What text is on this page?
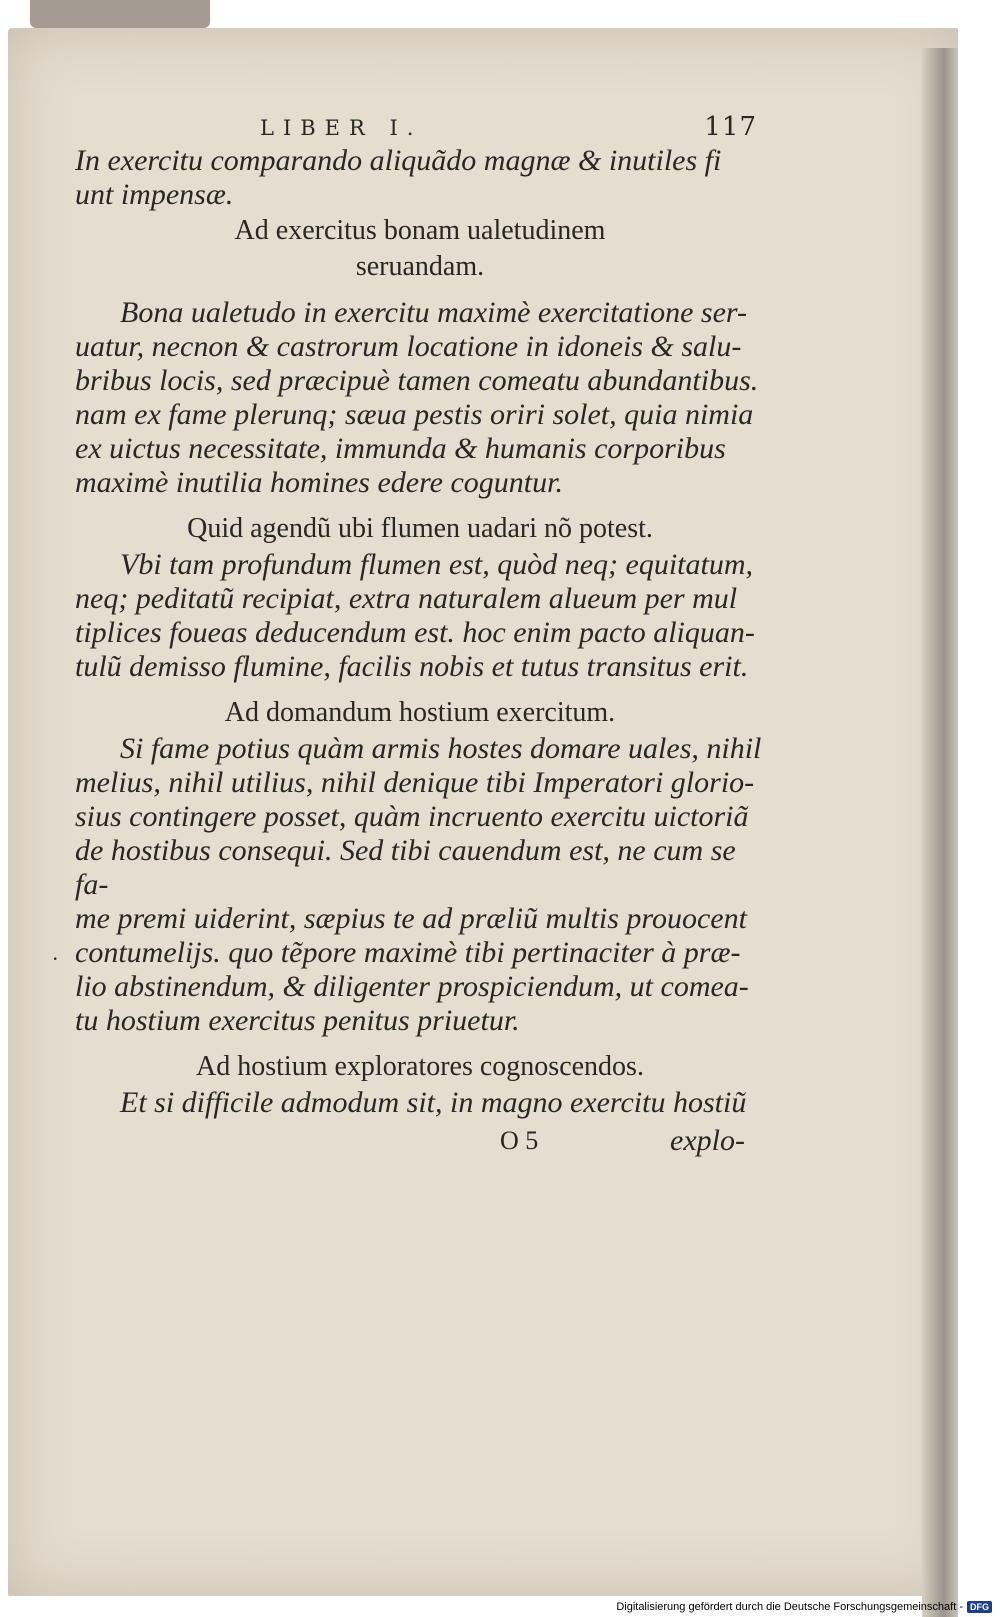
LIBER I.	117

In exercitu comparando aliquãdo magnæ & inutiles fi

unt impensæ.

Ad exercitus bonam ualetudinem

seruandam.

Bona ualetudo in exercitu maximè exercitatione ser-

uatur, necnon & castrorum locatione in idoneis & salu-

bribus locis, sed præcipuè tamen comeatu abundantibus.

nam ex fame plerunq; sæua pestis oriri solet, quia nimia

ex uictus necessitate, immunda & humanis corporibus

maximè inutilia homines edere coguntur.

Quid agendũ ubi flumen uadari nõ potest.

Vbi tam profundum flumen est, quòd neq; equitatum,

neq; peditatũ recipiat, extra naturalem alueum per mul

tiplices foueas deducendum est. hoc enim pacto aliquan-

tulũ demisso flumine, facilis nobis et tutus transitus erit.

Ad domandum hostium exercitum.

Si fame potius quàm armis hostes domare uales, nihil

melius, nihil utilius, nihil denique tibi Imperatori glorio-

sius contingere posset, quàm incruento exercitu uictoriã

de hostibus consequi. Sed tibi cauendum est, ne cum se fa-

me premi uiderint, sæpius te ad præliũ multis prouocent

. contumelijs. quo tẽpore maximè tibi pertinaciter à præ-

lio abstinendum, & diligenter prospiciendum, ut comea-

tu hostium exercitus penitus priuetur.

Ad hostium exploratores cognoscendos.

Et si difficile admodum sit, in magno exercitu hostiũ

O 5	explo-
Digitalisierung gefördert durch die Deutsche Forschungsgemeinschaft - DFG
